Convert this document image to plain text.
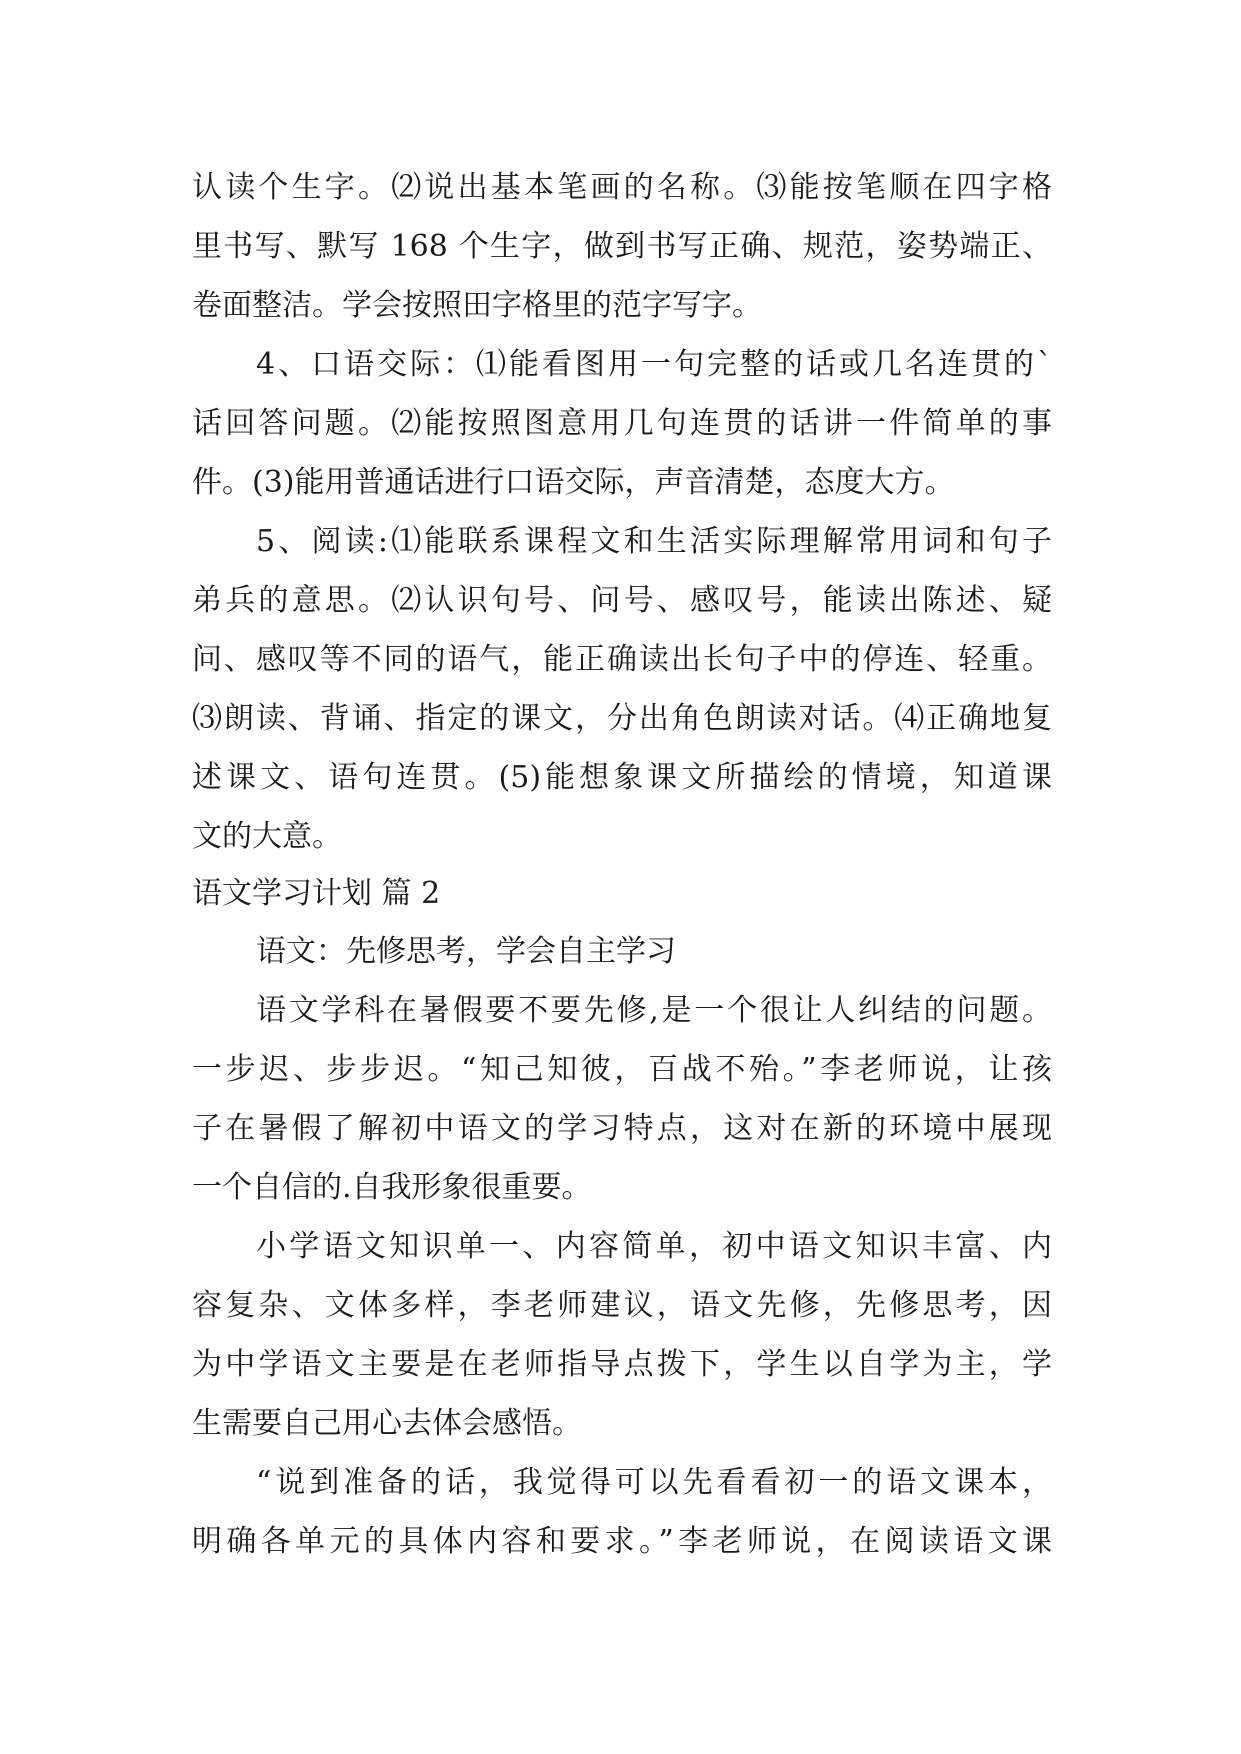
认读个生字。⑵说出基本笔画的名称。⑶能按笔顺在四字格
里书写、默写 168 个生字，做到书写正确、规范，姿势端正、
卷面整洁。学会按照田字格里的范字写字。
4、口语交际：⑴能看图用一句完整的话或几名连贯的`
话回答问题。⑵能按照图意用几句连贯的话讲一件简单的事
件。(3)能用普通话进行口语交际，声音清楚，态度大方。
5、阅读:⑴能联系课程文和生活实际理解常用词和句子
弟兵的意思。⑵认识句号、问号、感叹号，能读出陈述、疑
问、感叹等不同的语气，能正确读出长句子中的停连、轻重。
⑶朗读、背诵、指定的课文，分出角色朗读对话。⑷正确地复
述课文、语句连贯。(5)能想象课文所描绘的情境，知道课
文的大意。
语文学习计划 篇 2
语文：先修思考，学会自主学习
语文学科在暑假要不要先修,是一个很让人纠结的问题。
一步迟、步步迟。“知己知彼，百战不殆。”李老师说，让孩
子在暑假了解初中语文的学习特点，这对在新的环境中展现
一个自信的.自我形象很重要。
小学语文知识单一、内容简单，初中语文知识丰富、内
容复杂、文体多样，李老师建议，语文先修，先修思考，因
为中学语文主要是在老师指导点拨下，学生以自学为主，学
生需要自己用心去体会感悟。
“说到准备的话，我觉得可以先看看初一的语文课本，
明确各单元的具体内容和要求。”李老师说，在阅读语文课
